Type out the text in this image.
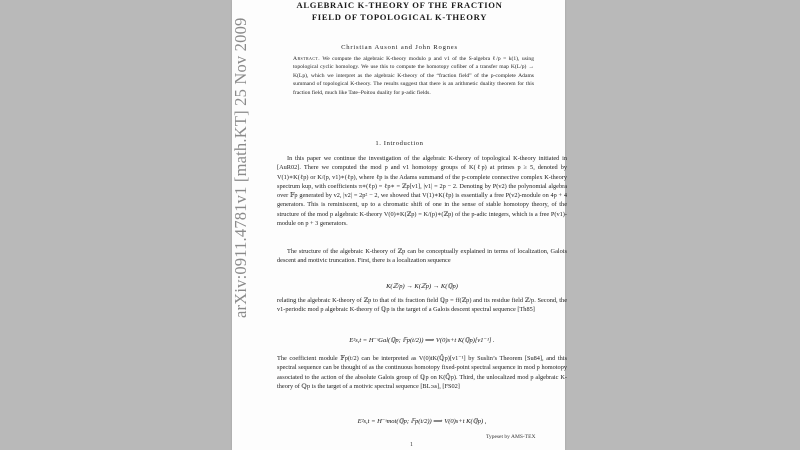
arXiv:0911.4781v1 [math.KT] 25 Nov 2009
ALGEBRAIC K-THEORY OF THE FRACTION
FIELD OF TOPOLOGICAL K-THEORY
Christian Ausoni and John Rognes
Abstract. We compute the algebraic K-theory modulo p and v1 of the S-algebra ℓ/p = k(1), using topological cyclic homology. We use this to compute the homotopy cofiber of a transfer map K(L/p) → K(Lp), which we interpret as the algebraic K-theory of the “fraction field” of the p-complete Adams summand of topological K-theory. The results suggest that there is an arithmetic duality theorem for this fraction field, much like Tate–Poitou duality for p-adic fields.
1. Introduction
In this paper we continue the investigation of the algebraic K-theory of topological K-theory initiated in [AuR02]. There we computed the mod p and v1 homotopy groups of K(ℓp) at primes p ≥ 5, denoted by V(1)∗K(ℓp) or K/(p, v1)∗(ℓp), where ℓp is the Adams summand of the p-complete connective complex K-theory spectrum kup, with coefficients π∗(ℓp) = ℓp∗ = ℤp[v1], |v1| = 2p − 2. Denoting by P(v2) the polynomial algebra over 𝔽p generated by v2, |v2| = 2p² − 2, we showed that V(1)∗K(ℓp) is essentially a free P(v2)-module on 4p + 4 generators. This is reminiscent, up to a chromatic shift of one in the sense of stable homotopy theory, of the structure of the mod p algebraic K-theory V(0)∗K(ℤp) = K/(p)∗(ℤp) of the p-adic integers, which is a free P(v1)-module on p + 3 generators.
The structure of the algebraic K-theory of ℤp can be conceptually explained in terms of localization, Galois descent and motivic truncation. First, there is a localization sequence
K(ℤ/p) → K(ℤp) → K(ℚp)
relating the algebraic K-theory of ℤp to that of its fraction field ℚp = ff(ℤp) and its residue field ℤ/p. Second, the v1-periodic mod p algebraic K-theory of ℚp is the target of a Galois descent spectral sequence [Th85]
E²s,t = H⁻ˢGal(ℚp; 𝔽p(t/2)) ⟹ V(0)s+t K(ℚp)[v1⁻¹] .
The coefficient module 𝔽p(t/2) can be interpreted as V(0)tK(ℚ̄p)[v1⁻¹] by Suslin’s Theorem [Su84], and this spectral sequence can be thought of as the continuous homotopy fixed-point spectral sequence in mod p homotopy associated to the action of the absolute Galois group of ℚp on K(ℚ̄p). Third, the unlocalized mod p algebraic K-theory of ℚp is the target of a motivic spectral sequence [BL:ss], [FS02]
E²s,t = H⁻ˢmot(ℚp; 𝔽p(t/2)) ⟹ V(0)s+t K(ℚp) ,
Typeset by AMS-TEX
1
